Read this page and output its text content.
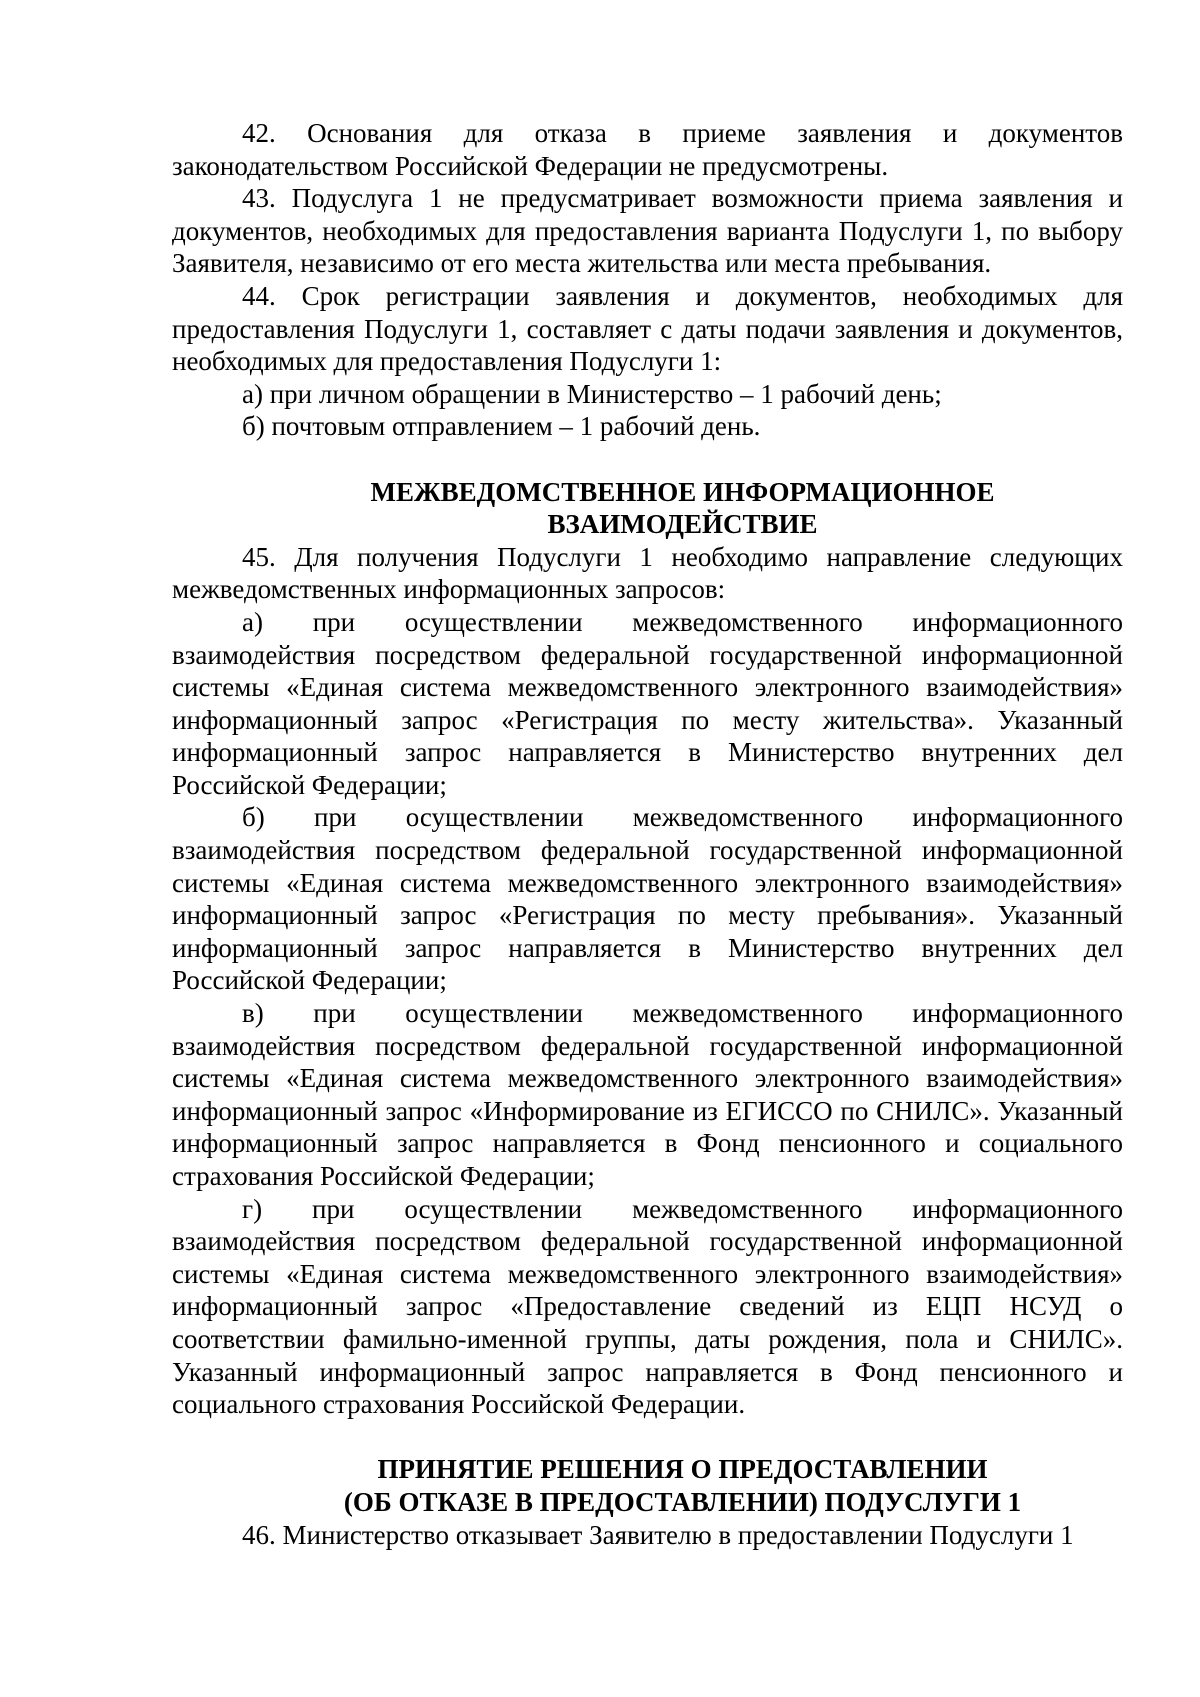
42. Основания для отказа в приеме заявления и документов законодательством Российской Федерации не предусмотрены.

43. Подуслуга 1 не предусматривает возможности приема заявления и документов, необходимых для предоставления варианта Подуслуги 1, по выбору Заявителя, независимо от его места жительства или места пребывания.

44. Срок регистрации заявления и документов, необходимых для предоставления Подуслуги 1, составляет с даты подачи заявления и документов, необходимых для предоставления Подуслуги 1:

а) при личном обращении в Министерство – 1 рабочий день;

б) почтовым отправлением – 1 рабочий день.

МЕЖВЕДОМСТВЕННОЕ ИНФОРМАЦИОННОЕ
ВЗАИМОДЕЙСТВИЕ

45. Для получения Подуслуги 1 необходимо направление следующих межведомственных информационных запросов:

а) при осуществлении межведомственного информационного взаимодействия посредством федеральной государственной информационной системы «Единая система межведомственного электронного взаимодействия» информационный запрос «Регистрация по месту жительства». Указанный информационный запрос направляется в Министерство внутренних дел Российской Федерации;

б) при осуществлении межведомственного информационного взаимодействия посредством федеральной государственной информационной системы «Единая система межведомственного электронного взаимодействия» информационный запрос «Регистрация по месту пребывания». Указанный информационный запрос направляется в Министерство внутренних дел Российской Федерации;

в) при осуществлении межведомственного информационного взаимодействия посредством федеральной государственной информационной системы «Единая система межведомственного электронного взаимодействия» информационный запрос «Информирование из ЕГИССО по СНИЛС». Указанный информационный запрос направляется в Фонд пенсионного и социального страхования Российской Федерации;

г) при осуществлении межведомственного информационного взаимодействия посредством федеральной государственной информационной системы «Единая система межведомственного электронного взаимодействия» информационный запрос «Предоставление сведений из ЕЦП НСУД о соответствии фамильно-именной группы, даты рождения, пола и СНИЛС». Указанный информационный запрос направляется в Фонд пенсионного и социального страхования Российской Федерации.

ПРИНЯТИЕ РЕШЕНИЯ О ПРЕДОСТАВЛЕНИИ
(ОБ ОТКАЗЕ В ПРЕДОСТАВЛЕНИИ) ПОДУСЛУГИ 1

46. Министерство отказывает Заявителю в предоставлении Подуслуги 1
